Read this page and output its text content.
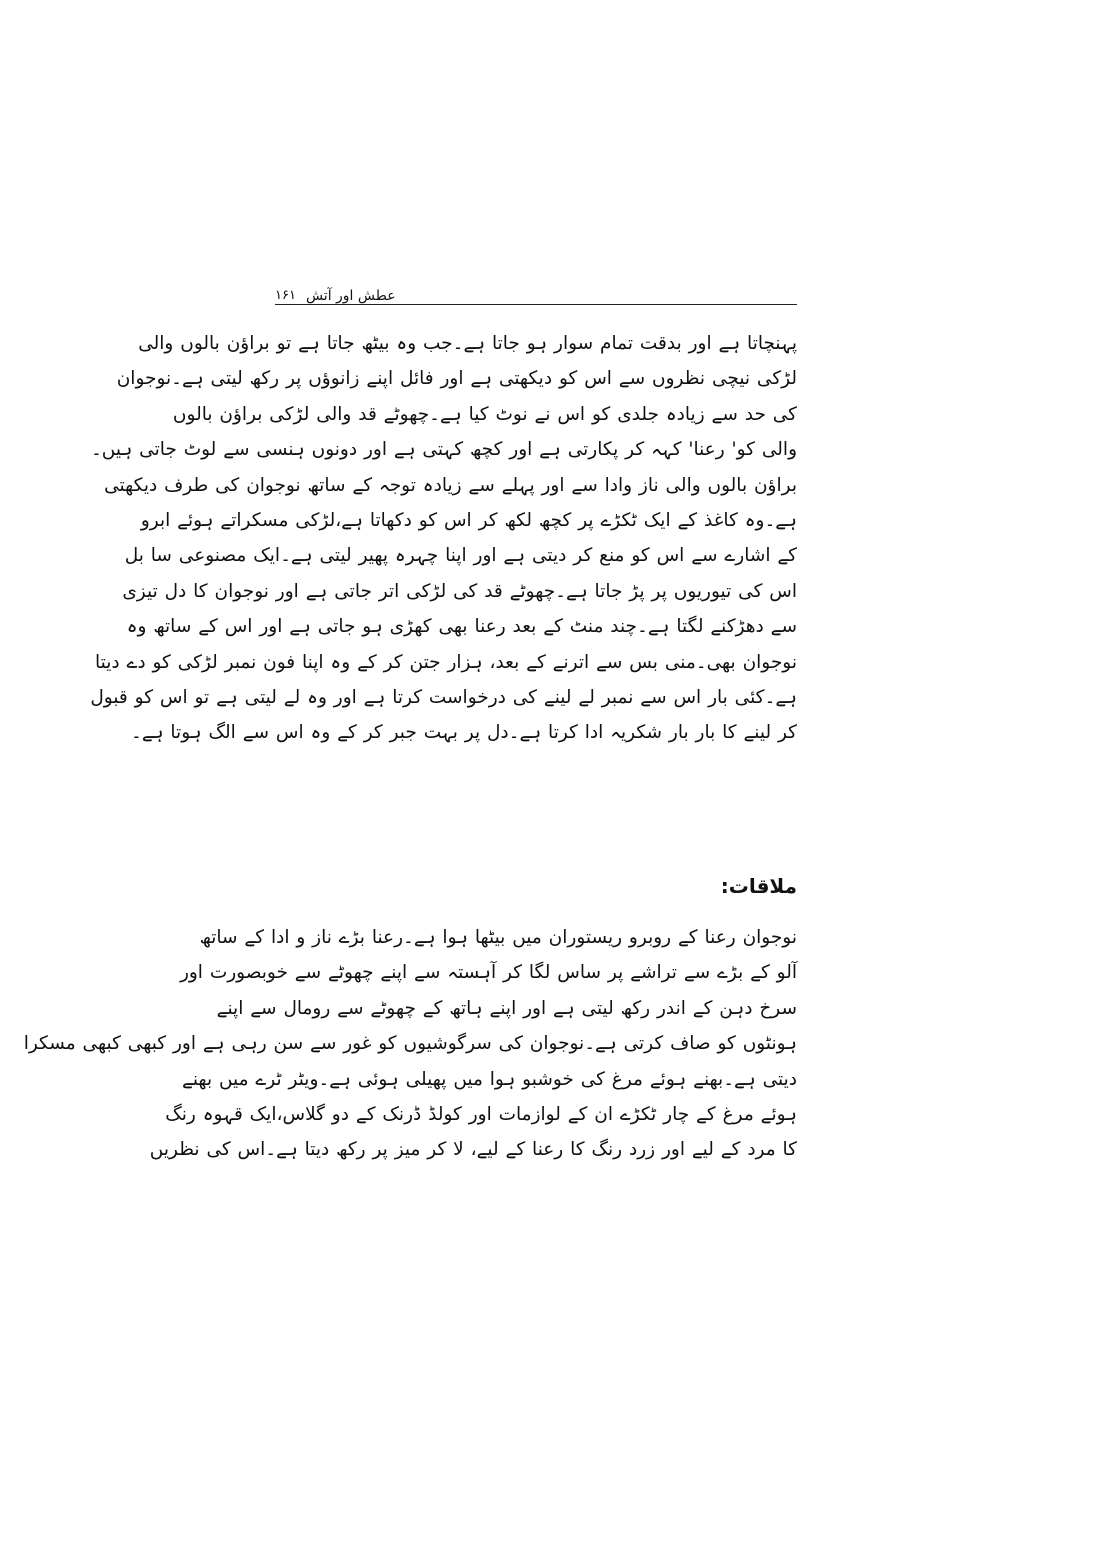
۱۶۱ عطش اور آتش
پہنچاتا ہے اور بدقت تمام سوار ہو جاتا ہے۔جب وہ بیٹھ جاتا ہے تو براؤن بالوں والی
لڑکی نیچی نظروں سے اس کو دیکھتی ہے اور فائل اپنے زانوؤں پر رکھ لیتی ہے۔نوجوان
کی حد سے زیادہ جلدی کو اس نے نوٹ کیا ہے۔چھوٹے قد والی لڑکی براؤن بالوں
والی کو' رعنا' کہہ کر پکارتی ہے اور کچھ کہتی ہے اور دونوں ہنسی سے لوٹ جاتی ہیں۔
براؤن بالوں والی ناز وادا سے اور پہلے سے زیادہ توجہ کے ساتھ نوجوان کی طرف دیکھتی
ہے۔وہ کاغذ کے ایک ٹکڑے پر کچھ لکھ کر اس کو دکھاتا ہے،لڑکی مسکراتے ہوئے ابرو
کے اشارے سے اس کو منع کر دیتی ہے اور اپنا چہرہ پھیر لیتی ہے۔ایک مصنوعی سا بل
اس کی تیوریوں پر پڑ جاتا ہے۔چھوٹے قد کی لڑکی اتر جاتی ہے اور نوجوان کا دل تیزی
سے دھڑکنے لگتا ہے۔چند منٹ کے بعد رعنا بھی کھڑی ہو جاتی ہے اور اس کے ساتھ وہ
نوجوان بھی۔منی بس سے اترنے کے بعد، ہزار جتن کر کے وہ اپنا فون نمبر لڑکی کو دے دیتا
ہے۔کئی بار اس سے نمبر لے لینے کی درخواست کرتا ہے اور وہ لے لیتی ہے تو اس کو قبول
کر لینے کا بار بار شکریہ ادا کرتا ہے۔دل پر بہت جبر کر کے وہ اس سے الگ ہوتا ہے۔
ملاقات:
نوجوان رعنا کے روبرو ریستوران میں بیٹھا ہوا ہے۔رعنا بڑے ناز و ادا کے ساتھ
آلو کے بڑے سے تراشے پر ساس لگا کر آہستہ سے اپنے چھوٹے سے خوبصورت اور
سرخ دہن کے اندر رکھ لیتی ہے اور اپنے ہاتھ کے چھوٹے سے رومال سے اپنے
ہونٹوں کو صاف کرتی ہے۔نوجوان کی سرگوشیوں کو غور سے سن رہی ہے اور کبھی کبھی مسکرا
دیتی ہے۔بھنے ہوئے مرغ کی خوشبو ہوا میں پھیلی ہوئی ہے۔ویٹر ٹرے میں بھنے
ہوئے مرغ کے چار ٹکڑے ان کے لوازمات اور کولڈ ڈرنک کے دو گلاس،ایک قہوہ رنگ
کا مرد کے لیے اور زرد رنگ کا رعنا کے لیے، لا کر میز پر رکھ دیتا ہے۔اس کی نظریں
